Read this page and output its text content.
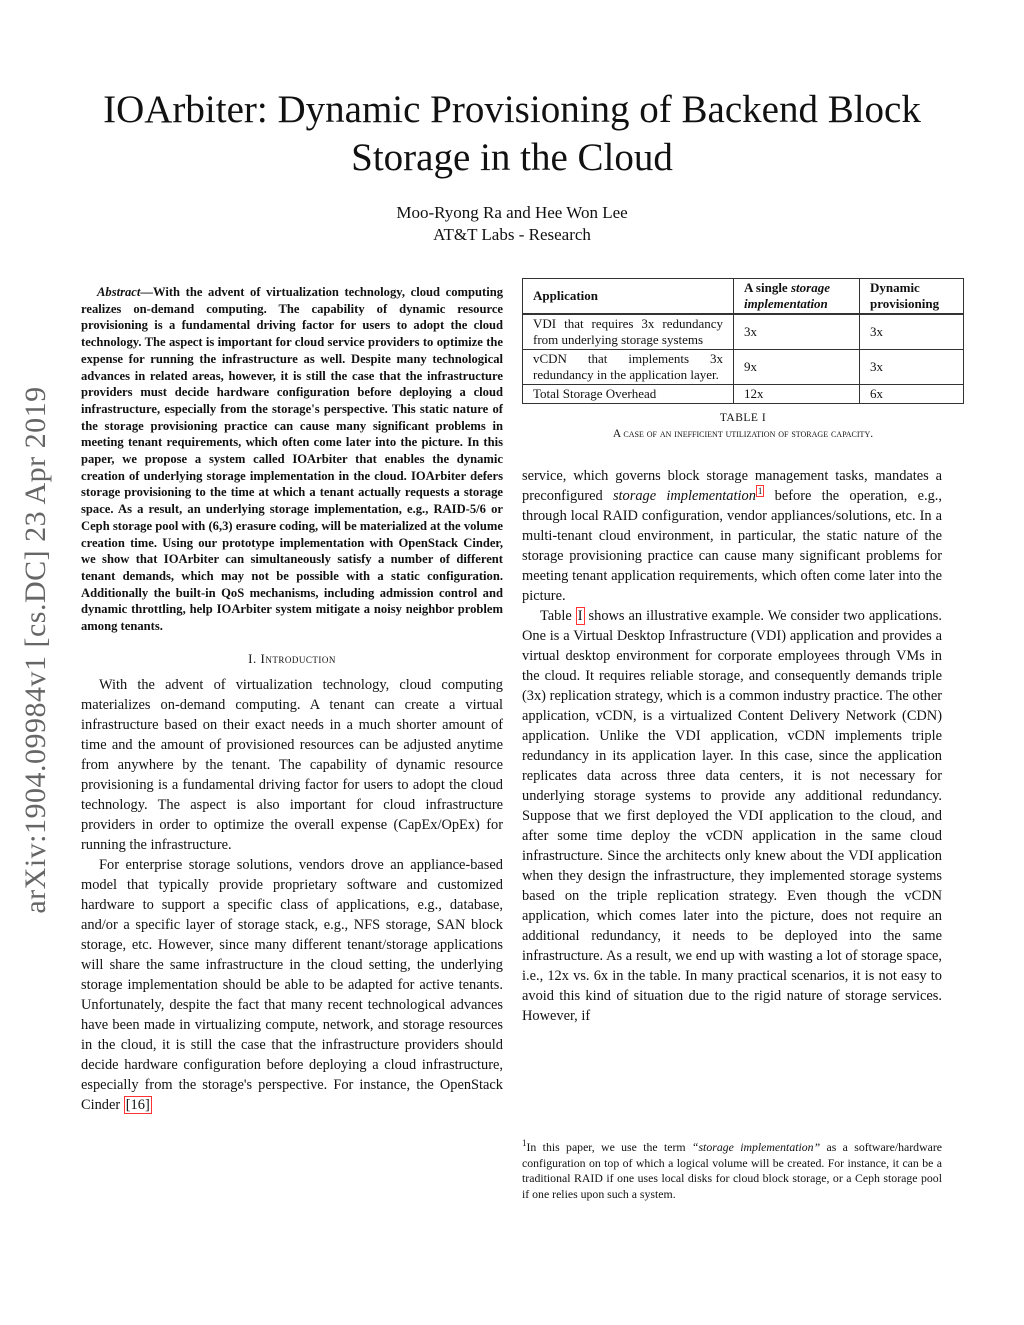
arXiv:1904.09984v1 [cs.DC] 23 Apr 2019
IOArbiter: Dynamic Provisioning of Backend Block Storage in the Cloud
Moo-Ryong Ra and Hee Won Lee
AT&T Labs - Research

Abstract—With the advent of virtualization technology, cloud computing realizes on-demand computing. The capability of dynamic resource provisioning is a fundamental driving factor for users to adopt the cloud technology. The aspect is important for cloud service providers to optimize the expense for running the infrastructure as well. Despite many technological advances in related areas, however, it is still the case that the infrastructure providers must decide hardware configuration before deploying a cloud infrastructure, especially from the storage's perspective. This static nature of the storage provisioning practice can cause many significant problems in meeting tenant requirements, which often come later into the picture. In this paper, we propose a system called IOArbiter that enables the dynamic creation of underlying storage implementation in the cloud. IOArbiter defers storage provisioning to the time at which a tenant actually requests a storage space. As a result, an underlying storage implementation, e.g., RAID-5/6 or Ceph storage pool with (6,3) erasure coding, will be materialized at the volume creation time. Using our prototype implementation with OpenStack Cinder, we show that IOArbiter can simultaneously satisfy a number of different tenant demands, which may not be possible with a static configuration. Additionally the built-in QoS mechanisms, including admission control and dynamic throttling, help IOArbiter system mitigate a noisy neighbor problem among tenants.

I. Introduction

With the advent of virtualization technology, cloud computing materializes on-demand computing. A tenant can create a virtual infrastructure based on their exact needs in a much shorter amount of time and the amount of provisioned resources can be adjusted anytime from anywhere by the tenant. The capability of dynamic resource provisioning is a fundamental driving factor for users to adopt the cloud technology. The aspect is also important for cloud infrastructure providers in order to optimize the overall expense (CapEx/OpEx) for running the infrastructure.

For enterprise storage solutions, vendors drove an appliance-based model that typically provide proprietary software and customized hardware to support a specific class of applications, e.g., database, and/or a specific layer of storage stack, e.g., NFS storage, SAN block storage, etc. However, since many different tenant/storage applications will share the same infrastructure in the cloud setting, the underlying storage implementation should be able to be adapted for active tenants. Unfortunately, despite the fact that many recent technological advances have been made in virtualizing compute, network, and storage resources in the cloud, it is still the case that the infrastructure providers should decide hardware configuration before deploying a cloud infrastructure, especially from the storage's perspective. For instance, the OpenStack Cinder [16]

Application	A single storage implementation	Dynamic provisioning
VDI that requires 3x redundancy from underlying storage systems	3x	3x
vCDN that implements 3x redundancy in the application layer.	9x	3x
Total Storage Overhead	12x	6x
TABLE I
A case of an inefficient utilization of storage capacity.

service, which governs block storage management tasks, mandates a preconfigured storage implementation $^1$ before the operation, e.g., through local RAID configuration, vendor appliances/solutions, etc. In a multi-tenant cloud environment, in particular, the static nature of the storage provisioning practice can cause many significant problems for meeting tenant application requirements, which often come later into the picture.

Table I shows an illustrative example. We consider two applications. One is a Virtual Desktop Infrastructure (VDI) application and provides a virtual desktop environment for corporate employees through VMs in the cloud. It requires reliable storage, and consequently demands triple (3x) replication strategy, which is a common industry practice. The other application, vCDN, is a virtualized Content Delivery Network (CDN) application. Unlike the VDI application, vCDN implements triple redundancy in its application layer. In this case, since the application replicates data across three data centers, it is not necessary for underlying storage systems to provide any additional redundancy. Suppose that we first deployed the VDI application to the cloud, and after some time deploy the vCDN application in the same cloud infrastructure. Since the architects only knew about the VDI application when they design the infrastructure, they implemented storage systems based on the triple replication strategy. Even though the vCDN application, which comes later into the picture, does not require an additional redundancy, it needs to be deployed into the same infrastructure. As a result, we end up with wasting a lot of storage space, i.e., 12x vs. 6x in the table. In many practical scenarios, it is not easy to avoid this kind of situation due to the rigid nature of storage services. However, if

$^1$In this paper, we use the term “storage implementation” as a software/hardware configuration on top of which a logical volume will be created. For instance, it can be a traditional RAID if one uses local disks for cloud block storage, or a Ceph storage pool if one relies upon such a system.
